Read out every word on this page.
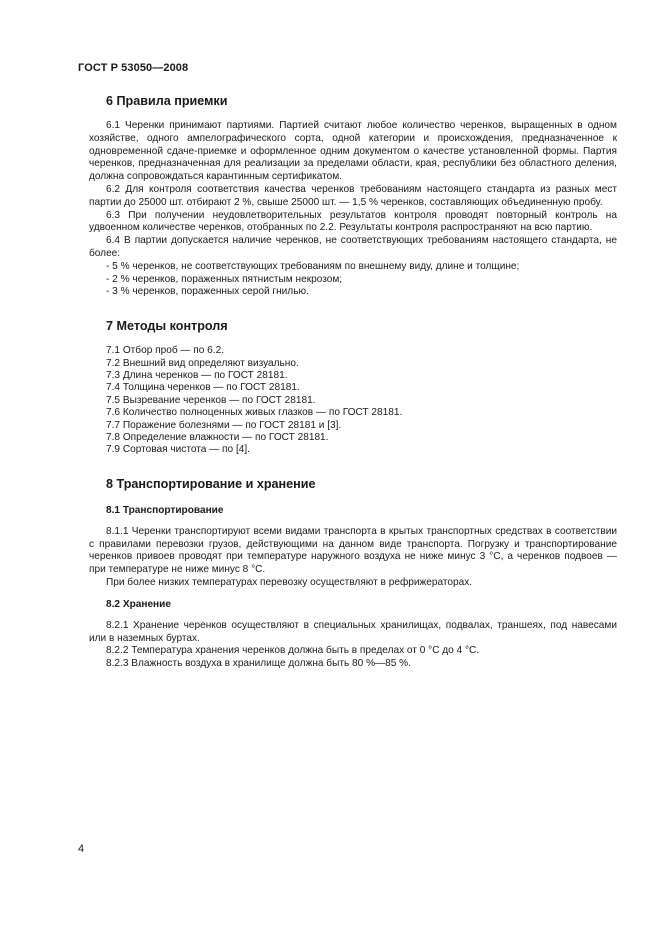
ГОСТ Р 53050—2008
6 Правила приемки

6.1 Черенки принимают партиями. Партией считают любое количество черенков, выращенных в одном хозяйстве, одного ампелографического сорта, одной категории и происхождения, предназначенное к одновременной сдаче-приемке и оформленное одним документом о качестве установленной формы. Партия черенков, предназначенная для реализации за пределами области, края, республики без областного деления, должна сопровождаться карантинным сертификатом.

6.2 Для контроля соответствия качества черенков требованиям настоящего стандарта из разных мест партии до 25000 шт. отбирают 2 %, свыше 25000 шт. — 1,5 % черенков, составляющих объединенную пробу.

6.3 При получении неудовлетворительных результатов контроля проводят повторный контроль на удвоенном количестве черенков, отобранных по 2.2. Результаты контроля распространяют на всю партию.

6.4 В партии допускается наличие черенков, не соответствующих требованиям настоящего стандарта, не более:

- 5 % черенков, не соответствующих требованиям по внешнему виду, длине и толщине;

- 2 % черенков, пораженных пятнистым некрозом;

- 3 % черенков, пораженных серой гнилью.

7 Методы контроля

7.1 Отбор проб — по 6.2.

7.2 Внешний вид определяют визуально.

7.3 Длина черенков — по ГОСТ 28181.

7.4 Толщина черенков — по ГОСТ 28181.

7.5 Вызревание черенков — по ГОСТ 28181.

7.6 Количество полноценных живых глазков — по ГОСТ 28181.

7.7 Поражение болезнями — по ГОСТ 28181 и [3].

7.8 Определение влажности — по ГОСТ 28181.

7.9 Сортовая чистота — по [4].

8 Транспортирование и хранение
8.1 Транспортирование

8.1.1 Черенки транспортируют всеми видами транспорта в крытых транспортных средствах в соответствии с правилами перевозки грузов, действующими на данном виде транспорта. Погрузку и транспортирование черенков привоев проводят при температуре наружного воздуха не ниже минус 3 °С, а черенков подвоев — при температуре не ниже минус 8 °С.

При более низких температурах перевозку осуществляют в рефрижераторах.

8.2 Хранение

8.2.1 Хранение черенков осуществляют в специальных хранилищах, подвалах, траншеях, под навесами или в наземных буртах.

8.2.2 Температура хранения черенков должна быть в пределах от 0 °С до 4 °С.

8.2.3 Влажность воздуха в хранилище должна быть 80 %—85 %.

4
